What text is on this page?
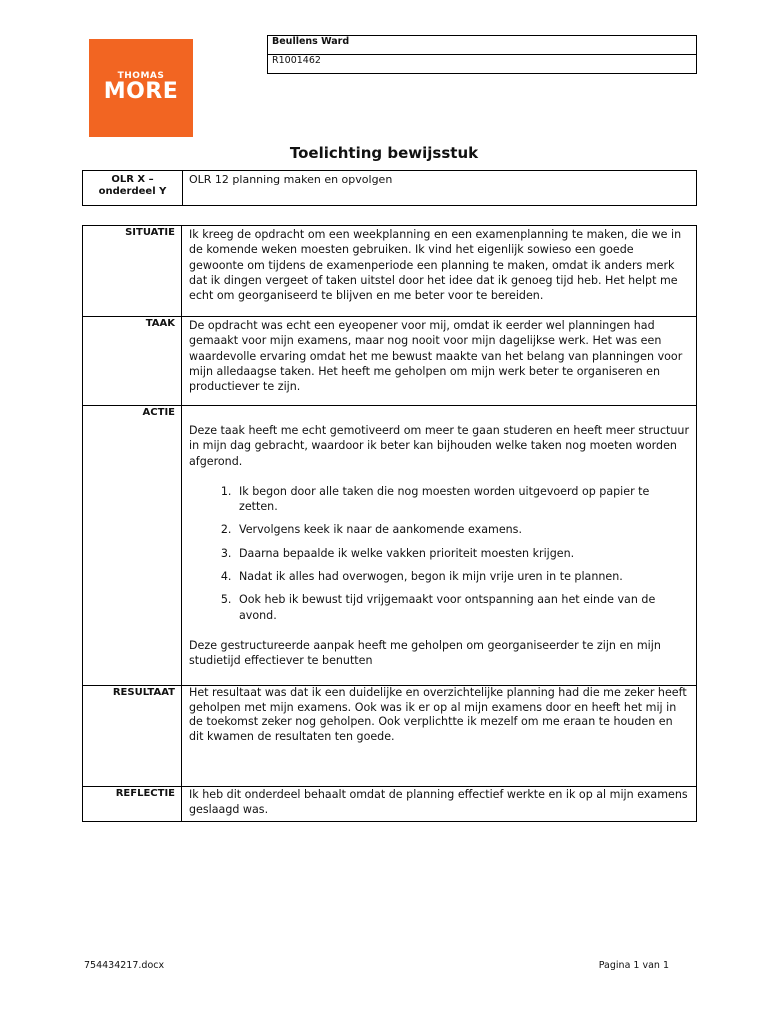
THOMAS
MORE
Beullens Ward
R1001462
Toelichting bewijsstuk
OLR X – onderdeel Y
OLR 12 planning maken en opvolgen
SITUATIE	Ik kreeg de opdracht om een weekplanning en een examenplanning te maken, die we in de komende weken moesten gebruiken. Ik vind het eigenlijk sowieso een goede gewoonte om tijdens de examenperiode een planning te maken, omdat ik anders merk dat ik dingen vergeet of taken uitstel door het idee dat ik genoeg tijd heb. Het helpt me echt om georganiseerd te blijven en me beter voor te bereiden.
TAAK	De opdracht was echt een eyeopener voor mij, omdat ik eerder wel planningen had gemaakt voor mijn examens, maar nog nooit voor mijn dagelijkse werk. Het was een waardevolle ervaring omdat het me bewust maakte van het belang van planningen voor mijn alledaagse taken. Het heeft me geholpen om mijn werk beter te organiseren en productiever te zijn.
ACTIE
Deze taak heeft me echt gemotiveerd om meer te gaan studeren en heeft meer structuur in mijn dag gebracht, waardoor ik beter kan bijhouden welke taken nog moeten worden afgerond.
1. Ik begon door alle taken die nog moesten worden uitgevoerd op papier te zetten.
2. Vervolgens keek ik naar de aankomende examens.
3. Daarna bepaalde ik welke vakken prioriteit moesten krijgen.
4. Nadat ik alles had overwogen, begon ik mijn vrije uren in te plannen.
5. Ook heb ik bewust tijd vrijgemaakt voor ontspanning aan het einde van de avond.
Deze gestructureerde aanpak heeft me geholpen om georganiseerder te zijn en mijn studietijd effectiever te benutten
RESULTAAT	Het resultaat was dat ik een duidelijke en overzichtelijke planning had die me zeker heeft geholpen met mijn examens. Ook was ik er op al mijn examens door en heeft het mij in de toekomst zeker nog geholpen. Ook verplichtte ik mezelf om me eraan te houden en dit kwamen de resultaten ten goede.
REFLECTIE	Ik heb dit onderdeel behaalt omdat de planning effectief werkte en ik op al mijn examens geslaagd was.
754434217.docx	Pagina 1 van 1
